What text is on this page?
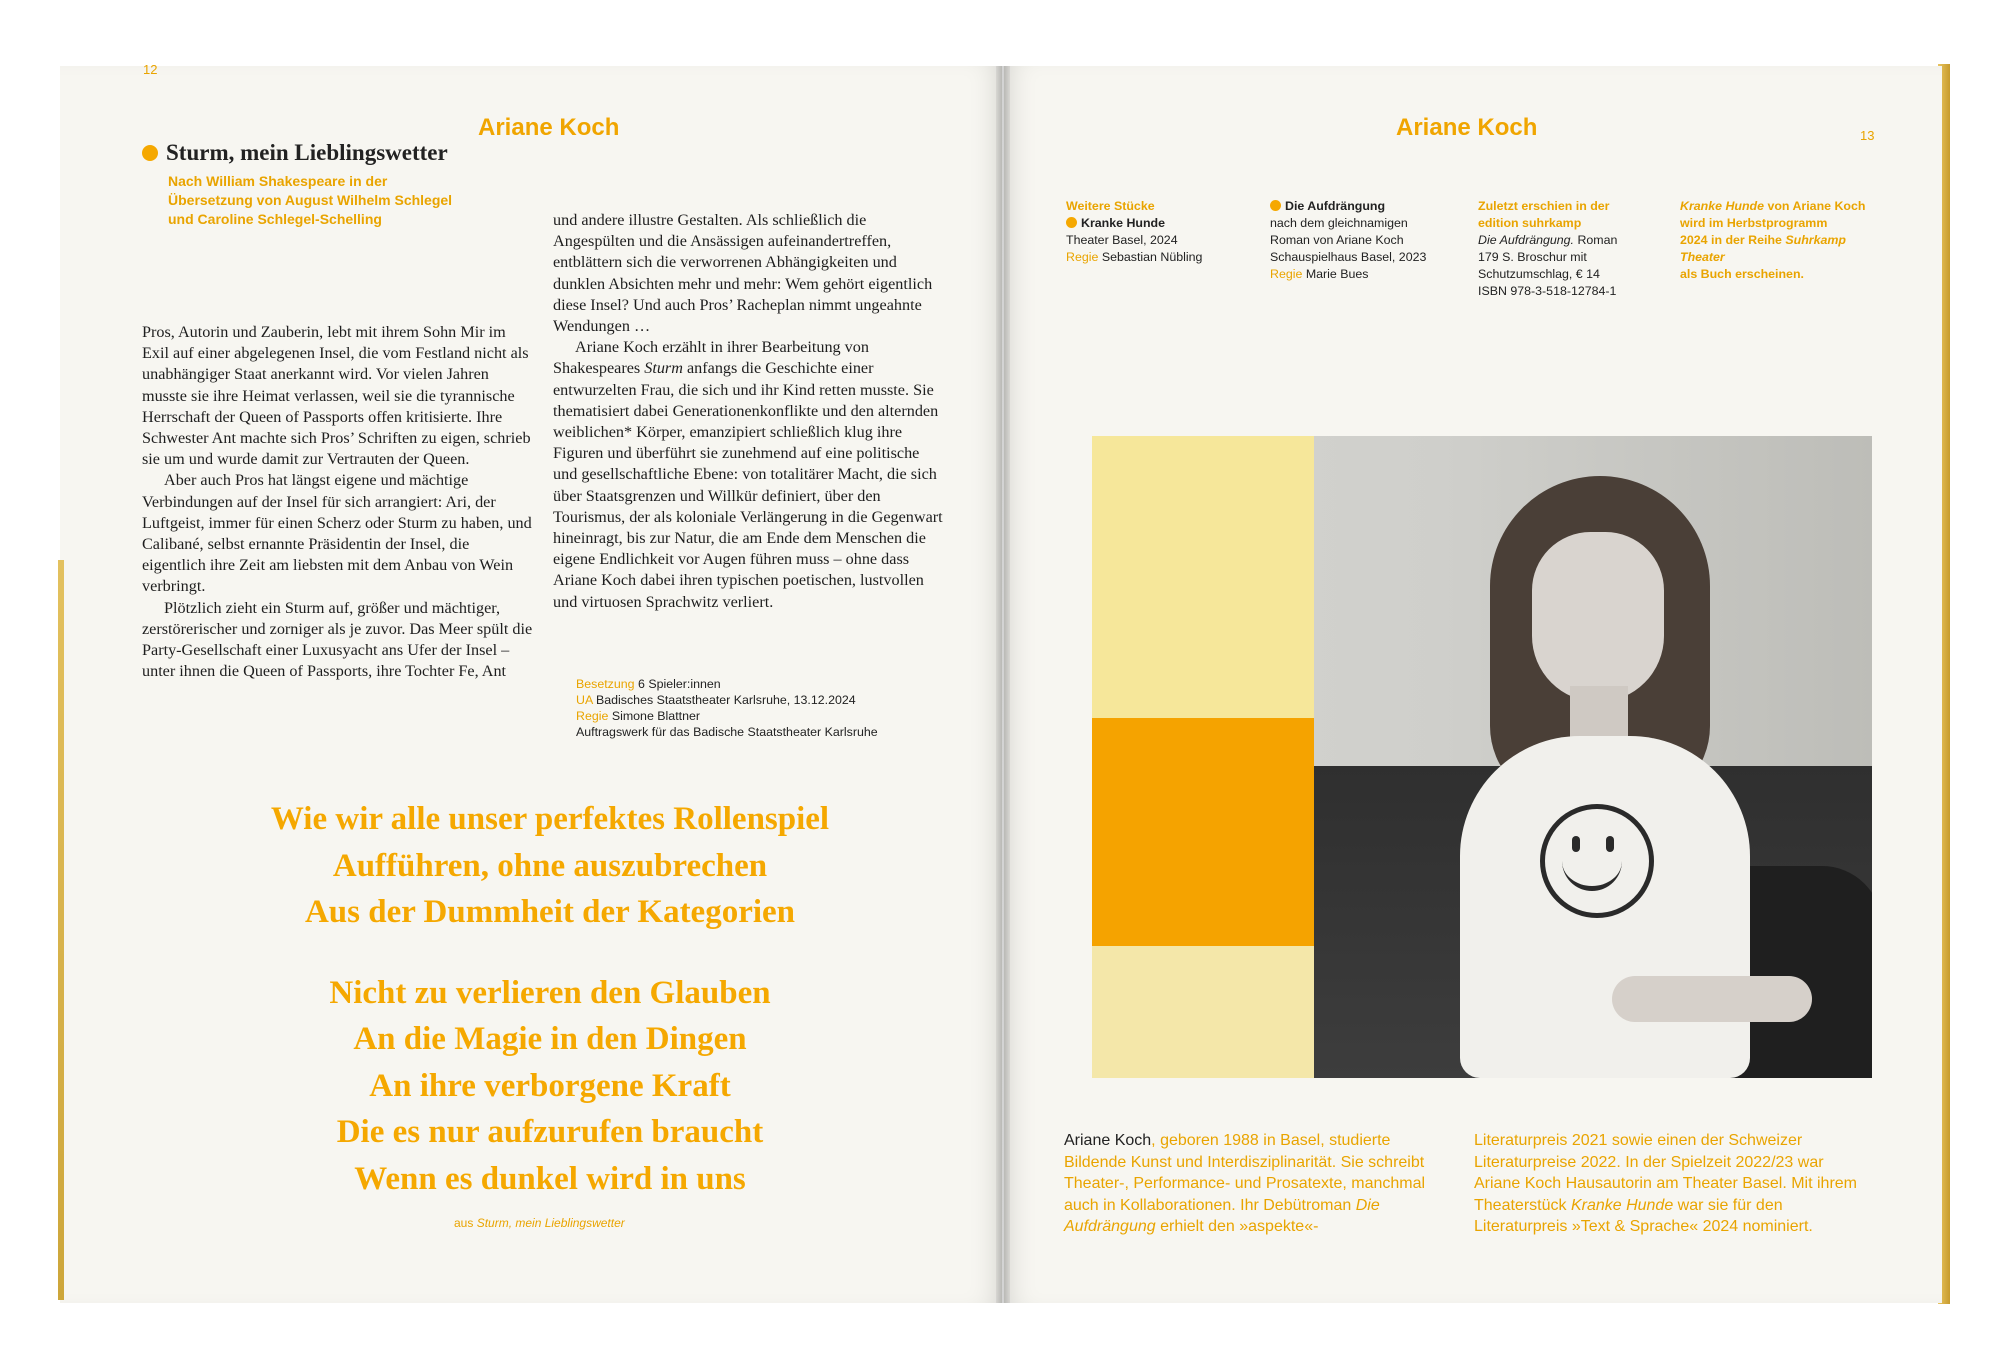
12
Ariane Koch
Sturm, mein Lieblingswetter
Nach William Shakespeare in der
Übersetzung von August Wilhelm Schlegel
und Caroline Schlegel-Schelling

Pros, Autorin und Zauberin, lebt mit ihrem Sohn Mir im Exil auf einer abgelegenen Insel, die vom Festland nicht als unabhängiger Staat anerkannt wird. Vor vielen Jahren musste sie ihre Heimat verlassen, weil sie die tyrannische Herrschaft der Queen of Passports offen kritisierte. Ihre Schwester Ant machte sich Pros’ Schriften zu eigen, schrieb sie um und wurde damit zur Vertrauten der Queen.

Aber auch Pros hat längst eigene und mächtige Verbindungen auf der Insel für sich arrangiert: Ari, der Luftgeist, immer für einen Scherz oder Sturm zu haben, und Calibané, selbst ernannte Präsidentin der Insel, die eigentlich ihre Zeit am liebsten mit dem Anbau von Wein verbringt.

Plötzlich zieht ein Sturm auf, größer und mächtiger, zerstörerischer und zorniger als je zuvor. Das Meer spült die Party-Gesellschaft einer Luxusyacht ans Ufer der Insel – unter ihnen die Queen of Passports, ihre Tochter Fe, Ant

und andere illustre Gestalten. Als schließlich die Angespülten und die Ansässigen aufeinandertreffen, entblättern sich die verworrenen Abhängigkeiten und dunklen Absichten mehr und mehr: Wem gehört eigentlich diese Insel? Und auch Pros’ Racheplan nimmt ungeahnte Wendungen …

Ariane Koch erzählt in ihrer Bearbeitung von Shakespeares Sturm anfangs die Geschichte einer entwurzelten Frau, die sich und ihr Kind retten musste. Sie thematisiert dabei Generationenkonflikte und den alternden weiblichen* Körper, emanzipiert schließlich klug ihre Figuren und überführt sie zunehmend auf eine politische und gesellschaftliche Ebene: von totalitärer Macht, die sich über Staatsgrenzen und Willkür definiert, über den Tourismus, der als koloniale Verlängerung in die Gegenwart hineinragt, bis zur Natur, die am Ende dem Menschen die eigene Endlichkeit vor Augen führen muss – ohne dass Ariane Koch dabei ihren typischen poetischen, lustvollen und virtuosen Sprachwitz verliert.

Besetzung 6 Spieler:innen
UA Badisches Staatstheater Karlsruhe, 13.12.2024
Regie Simone Blattner
Auftragswerk für das Badische Staatstheater Karlsruhe
Wie wir alle unser perfektes Rollenspiel
Aufführen, ohne auszubrechen
Aus der Dummheit der Kategorien
Nicht zu verlieren den Glauben
An die Magie in den Dingen
An ihre verborgene Kraft
Die es nur aufzurufen braucht
Wenn es dunkel wird in uns
aus Sturm, mein Lieblingswetter
Ariane Koch	13
Weitere Stücke
Kranke Hunde
Theater Basel, 2024
Regie Sebastian Nübling
Die Aufdrängung
nach dem gleichnamigen
Roman von Ariane Koch
Schauspielhaus Basel, 2023
Regie Marie Bues
Zuletzt erschien in der
edition suhrkamp
Die Aufdrängung. Roman
179 S. Broschur mit
Schutzumschlag, € 14
ISBN 978-3-518-12784-1
Kranke Hunde von Ariane Koch
wird im Herbstprogramm
2024 in der Reihe Suhrkamp Theater
als Buch erscheinen.
Ariane Koch, geboren 1988 in Basel, studierte Bildende Kunst und Interdisziplinarität. Sie schreibt Theater-, Performance- und Prosatexte, manchmal auch in Kollaborationen. Ihr Debütroman Die Aufdrängung erhielt den »aspekte«-
Literaturpreis 2021 sowie einen der Schweizer Literaturpreise 2022. In der Spielzeit 2022/23 war Ariane Koch Hausautorin am Theater Basel. Mit ihrem Theaterstück Kranke Hunde war sie für den Literaturpreis »Text & Sprache« 2024 nominiert.
